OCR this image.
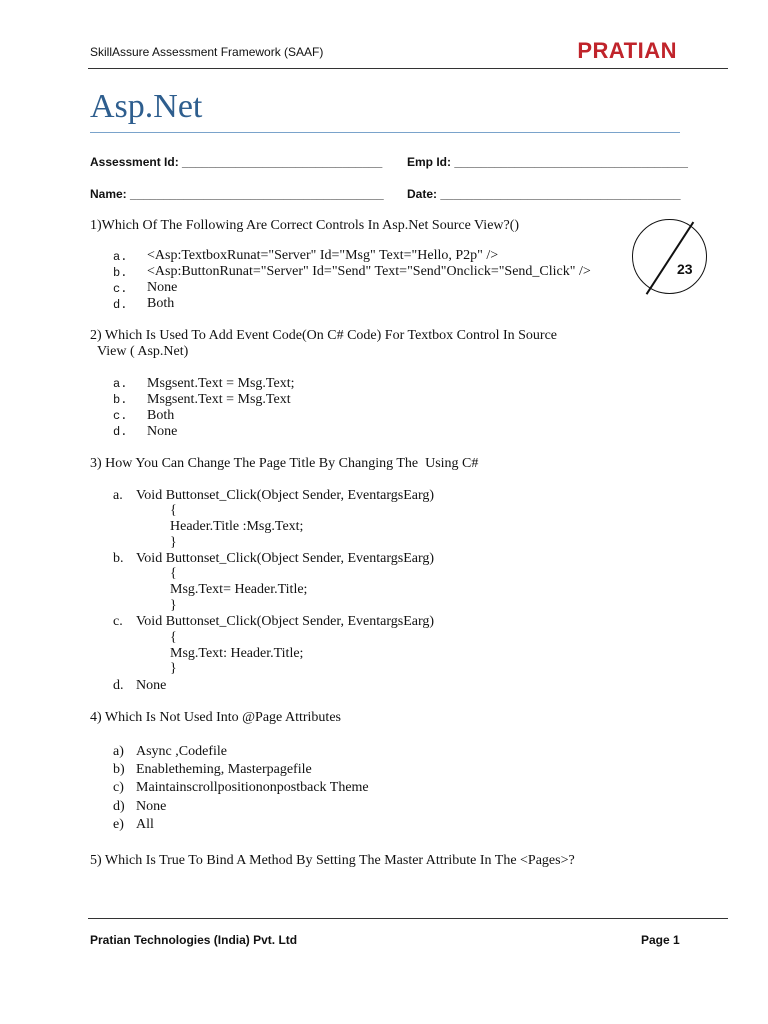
SkillAssure Assessment Framework (SAAF)	PRATIAN
Asp.Net
Assessment Id: ______________________________ Emp Id: ___________________________________
Name: ______________________________________ Date: ____________________________________
23
1)Which Of The Following Are Correct Controls In Asp.Net Source View?()
a. <Asp:TextboxRunat="Server" Id="Msg" Text="Hello, P2p" />
b. <Asp:ButtonRunat="Server" Id="Send" Text="Send"Onclick="Send_Click" />
c. None
d. Both
2) Which Is Used To Add Event Code(On C# Code) For Textbox Control In Source
View ( Asp.Net)
a. Msgsent.Text = Msg.Text;
b. Msgsent.Text = Msg.Text
c. Both
d. None
3) How You Can Change The Page Title By Changing The  Using C#
a. Void Buttonset_Click(Object Sender, EventargsEarg)
{
Header.Title :Msg.Text;
}
b. Void Buttonset_Click(Object Sender, EventargsEarg)
{
Msg.Text= Header.Title;
}
c. Void Buttonset_Click(Object Sender, EventargsEarg)
{
Msg.Text: Header.Title;
}
d. None
4) Which Is Not Used Into @Page Attributes
a) Async ,Codefile
b) Enabletheming, Masterpagefile
c) Maintainscrollpositiononpostback Theme
d) None
e) All
5) Which Is True To Bind A Method By Setting The Master Attribute In The <Pages>?
Pratian Technologies (India) Pvt. Ltd	Page 1
